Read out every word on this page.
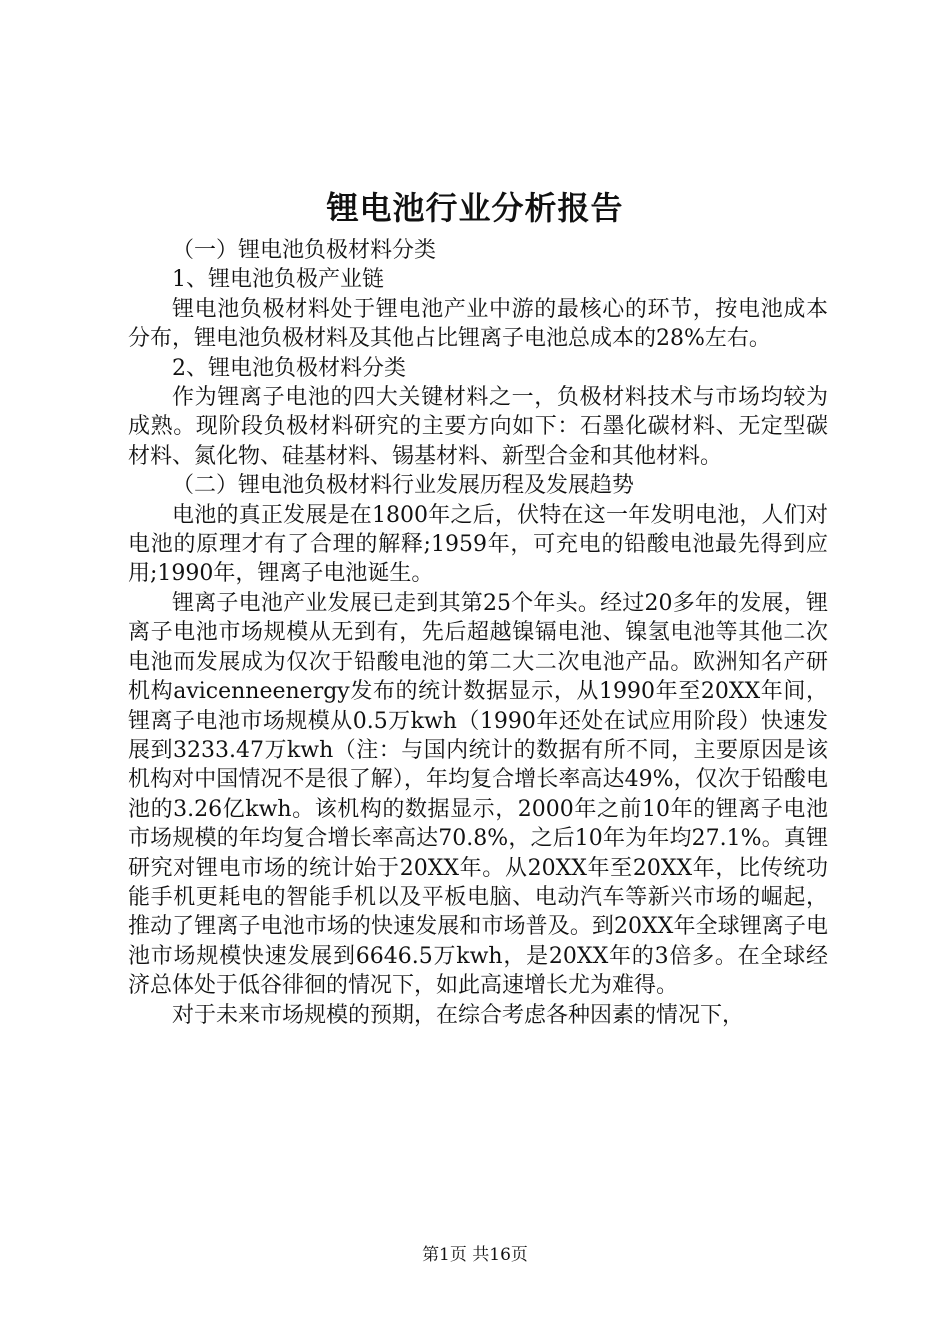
锂电池行业分析报告

（一）锂电池负极材料分类

1、锂电池负极产业链

锂电池负极材料处于锂电池产业中游的最核心的环节，按电池成本分布，锂电池负极材料及其他占比锂离子电池总成本的28%左右。

2、锂电池负极材料分类

作为锂离子电池的四大关键材料之一，负极材料技术与市场均较为成熟。现阶段负极材料研究的主要方向如下：石墨化碳材料、无定型碳材料、氮化物、硅基材料、锡基材料、新型合金和其他材料。

（二）锂电池负极材料行业发展历程及发展趋势

电池的真正发展是在1800年之后，伏特在这一年发明电池，人们对电池的原理才有了合理的解释;1959年，可充电的铅酸电池最先得到应用;1990年，锂离子电池诞生。

锂离子电池产业发展已走到其第25个年头。经过20多年的发展，锂离子电池市场规模从无到有，先后超越镍镉电池、镍氢电池等其他二次电池而发展成为仅次于铅酸电池的第二大二次电池产品。欧洲知名产研机构avicenneenergy发布的统计数据显示，从1990年至20XX年间，锂离子电池市场规模从0.5万kwh（1990年还处在试应用阶段）快速发展到3233.47万kwh（注：与国内统计的数据有所不同，主要原因是该机构对中国情况不是很了解），年均复合增长率高达49%，仅次于铅酸电池的3.26亿kwh。该机构的数据显示，2000年之前10年的锂离子电池市场规模的年均复合增长率高达70.8%，之后10年为年均27.1%。真锂研究对锂电市场的统计始于20XX年。从20XX年至20XX年，比传统功能手机更耗电的智能手机以及平板电脑、电动汽车等新兴市场的崛起，推动了锂离子电池市场的快速发展和市场普及。到20XX年全球锂离子电池市场规模快速发展到6646.5万kwh，是20XX年的3倍多。在全球经济总体处于低谷徘徊的情况下，如此高速增长尤为难得。

对于未来市场规模的预期，在综合考虑各种因素的情况下，

第1页 共16页
